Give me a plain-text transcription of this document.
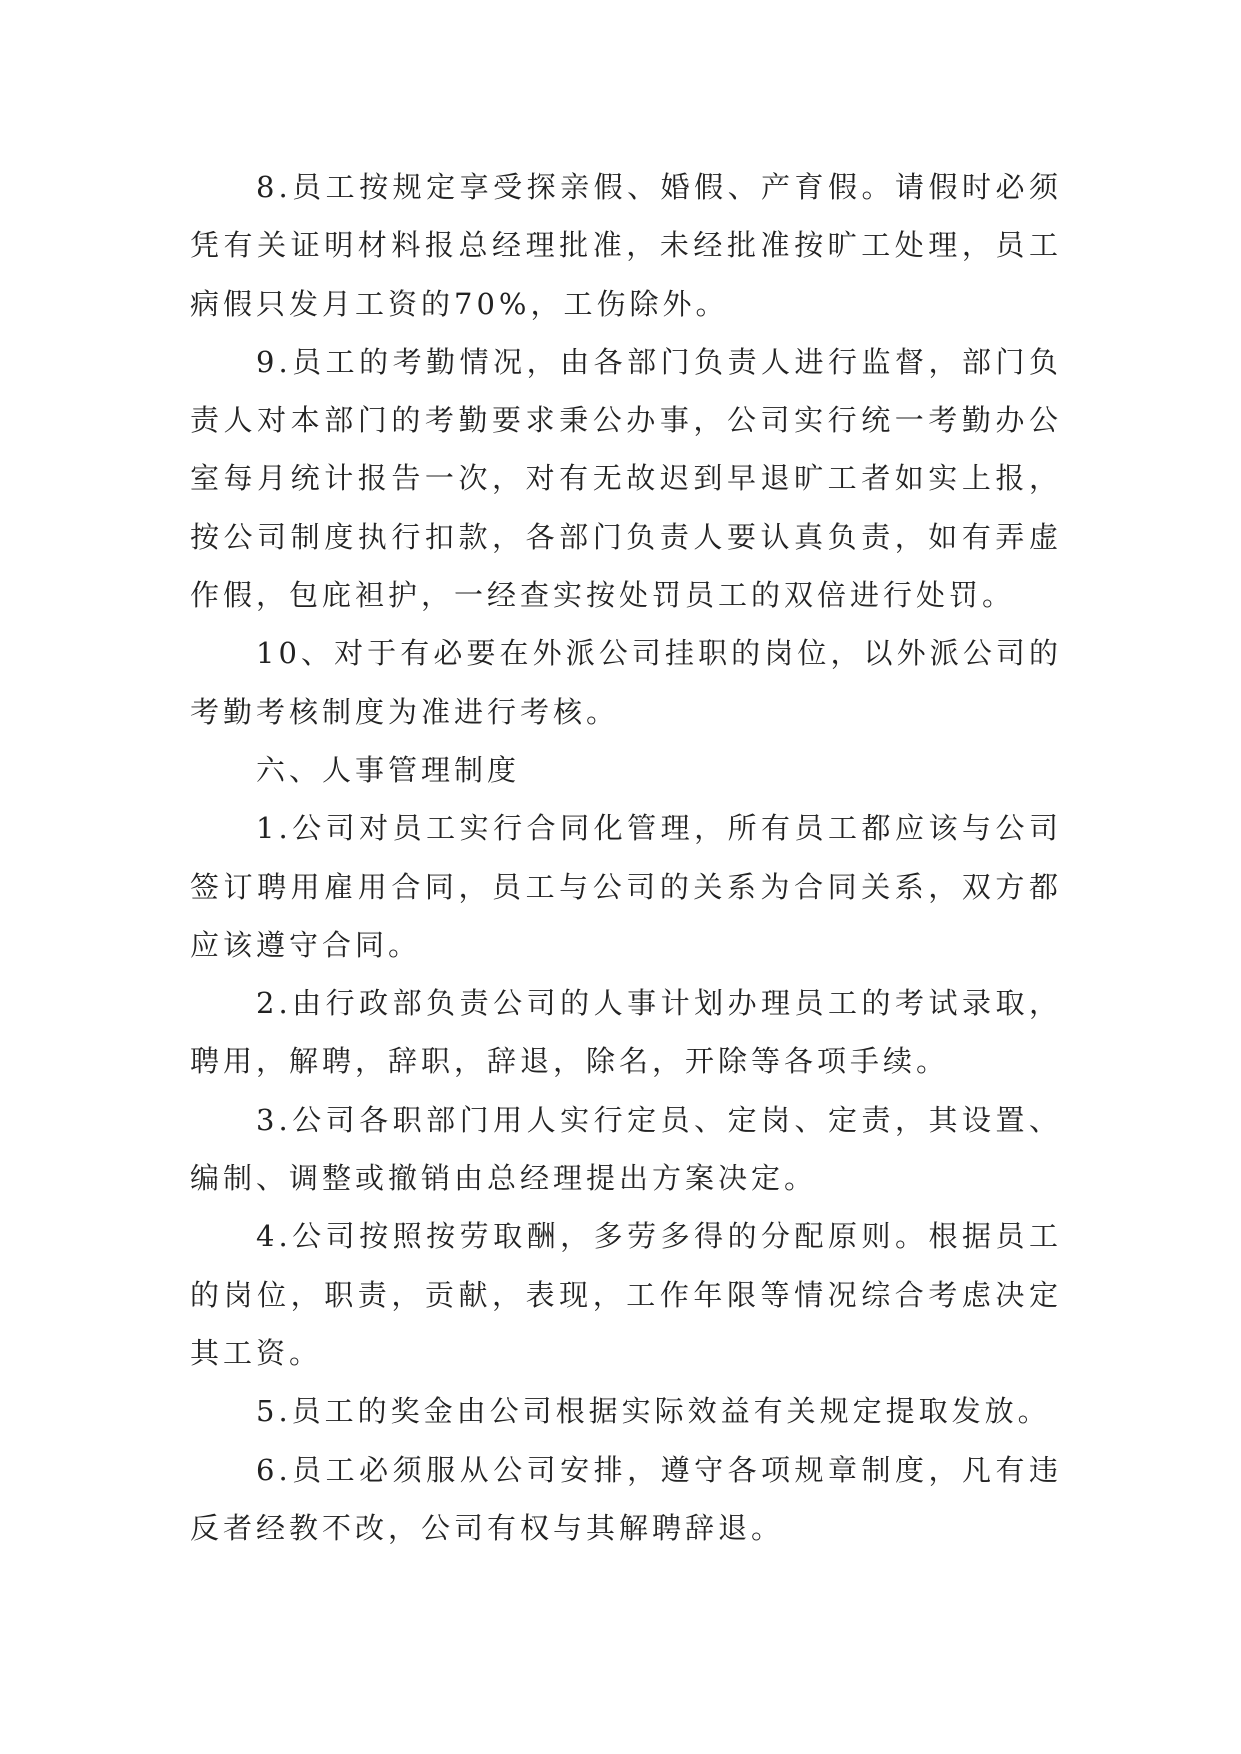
8.员工按规定享受探亲假、婚假、产育假。请假时必须凭有关证明材料报总经理批准，未经批准按旷工处理，员工病假只发月工资的70%，工伤除外。

9.员工的考勤情况，由各部门负责人进行监督，部门负责人对本部门的考勤要求秉公办事，公司实行统一考勤办公室每月统计报告一次，对有无故迟到早退旷工者如实上报，按公司制度执行扣款，各部门负责人要认真负责，如有弄虚作假，包庇袒护，一经查实按处罚员工的双倍进行处罚。

10、对于有必要在外派公司挂职的岗位，以外派公司的考勤考核制度为准进行考核。

六、人事管理制度

1.公司对员工实行合同化管理，所有员工都应该与公司签订聘用雇用合同，员工与公司的关系为合同关系，双方都应该遵守合同。

2.由行政部负责公司的人事计划办理员工的考试录取，聘用，解聘，辞职，辞退，除名，开除等各项手续。

3.公司各职部门用人实行定员、定岗、定责，其设置、编制、调整或撤销由总经理提出方案决定。

4.公司按照按劳取酬，多劳多得的分配原则。根据员工的岗位，职责，贡献，表现，工作年限等情况综合考虑决定其工资。

5.员工的奖金由公司根据实际效益有关规定提取发放。

6.员工必须服从公司安排，遵守各项规章制度，凡有违反者经教不改，公司有权与其解聘辞退。
